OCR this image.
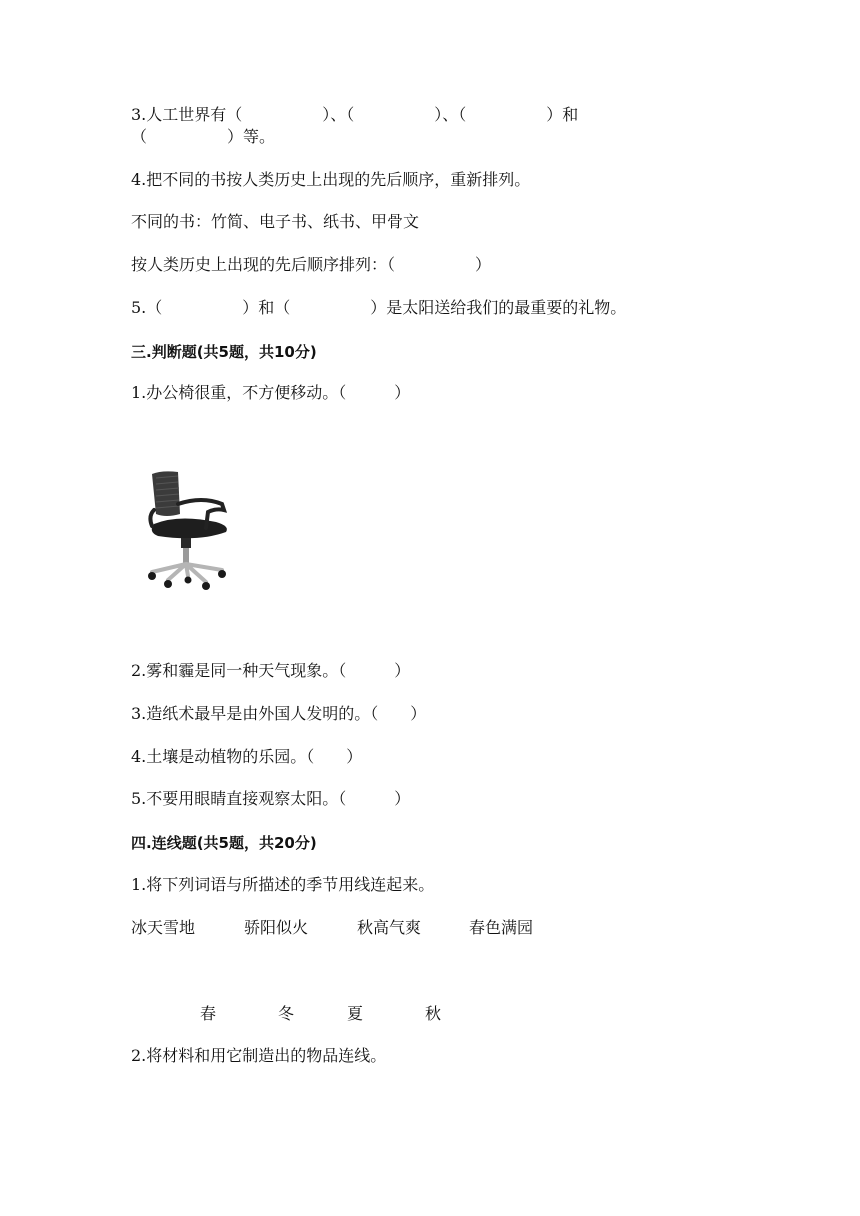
3.人工世界有（　　　　　）、（　　　　　）、（　　　　　）和
（　　　　　）等。
4.把不同的书按人类历史上出现的先后顺序，重新排列。
不同的书：竹简、电子书、纸书、甲骨文
按人类历史上出现的先后顺序排列：（　　　　　）
5.（　　　　　）和（　　　　　）是太阳送给我们的最重要的礼物。
三.判断题(共5题，共10分)
1.办公椅很重，不方便移动。（　　　）
2.雾和霾是同一种天气现象。（　　　）
3.造纸术最早是由外国人发明的。（　　）
4.土壤是动植物的乐园。（　　）
5.不要用眼睛直接观察太阳。（　　　）
四.连线题(共5题，共20分)
1.将下列词语与所描述的季节用线连起来。
冰天雪地	骄阳似火	秋高气爽	春色满园
春	冬	夏	秋
2.将材料和用它制造出的物品连线。
